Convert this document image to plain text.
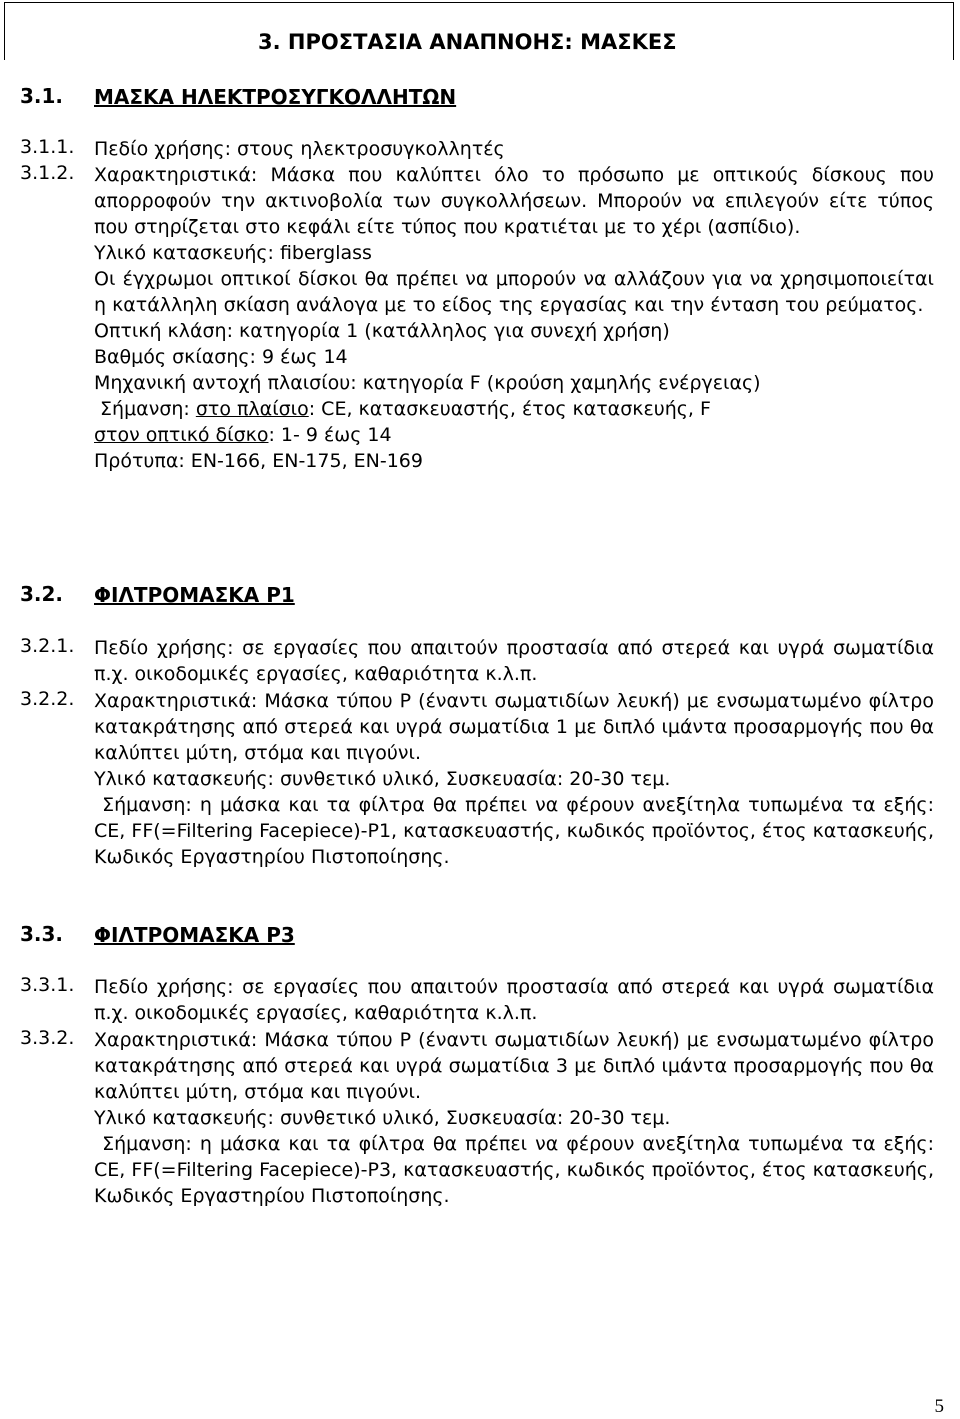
3. ΠΡΟΣΤΑΣΙΑ ΑΝΑΠΝΟΗΣ: ΜΑΣΚΕΣ
3.1. ΜΑΣΚΑ ΗΛΕΚΤΡΟΣΥΓΚΟΛΛΗΤΩΝ
3.1.1. Πεδίο χρήσης: στους ηλεκτροσυγκολλητές
3.1.2. Χαρακτηριστικά: Μάσκα που καλύπτει όλο το πρόσωπο με οπτικούς δίσκους που απορροφούν την ακτινοβολία των συγκολλήσεων. Μπορούν να επιλεγούν είτε τύπος που στηρίζεται στο κεφάλι είτε τύπος που κρατιέται με το χέρι (ασπίδιο).
Υλικό κατασκευής: fiberglass
Οι έγχρωμοι οπτικοί δίσκοι θα πρέπει να μπορούν να αλλάζουν για να χρησιμοποιείται η κατάλληλη σκίαση ανάλογα με το είδος της εργασίας και την ένταση του ρεύματος.
Οπτική κλάση: κατηγορία 1 (κατάλληλος για συνεχή χρήση)
Βαθμός σκίασης: 9 έως 14
Μηχανική αντοχή πλαισίου: κατηγορία F (κρούση χαμηλής ενέργειας)
Σήμανση: στο πλαίσιο: CE, κατασκευαστής, έτος κατασκευής, F
στον οπτικό δίσκο: 1- 9 έως 14
Πρότυπα: EN-166, EN-175, EN-169
3.2. ΦΙΛΤΡΟΜΑΣΚΑ Ρ1
3.2.1. Πεδίο χρήσης: σε εργασίες που απαιτούν προστασία από στερεά και υγρά σωματίδια π.χ. οικοδομικές εργασίες, καθαριότητα κ.λ.π.
3.2.2. Χαρακτηριστικά: Μάσκα τύπου Ρ (έναντι σωματιδίων λευκή) με ενσωματωμένο φίλτρο κατακράτησης από στερεά και υγρά σωματίδια 1 με διπλό ιμάντα προσαρμογής που θα καλύπτει μύτη, στόμα και πιγούνι.
Υλικό κατασκευής: συνθετικό υλικό, Συσκευασία: 20-30 τεμ.
Σήμανση: η μάσκα και τα φίλτρα θα πρέπει να φέρουν ανεξίτηλα τυπωμένα τα εξής: CE, FF(=Filtering Facepiece)-P1, κατασκευαστής, κωδικός προϊόντος, έτος κατασκευής, Κωδικός Εργαστηρίου Πιστοποίησης.
3.3. ΦΙΛΤΡΟΜΑΣΚΑ Ρ3
3.3.1. Πεδίο χρήσης: σε εργασίες που απαιτούν προστασία από στερεά και υγρά σωματίδια π.χ. οικοδομικές εργασίες, καθαριότητα κ.λ.π.
3.3.2. Χαρακτηριστικά: Μάσκα τύπου Ρ (έναντι σωματιδίων λευκή) με ενσωματωμένο φίλτρο κατακράτησης από στερεά και υγρά σωματίδια 3 με διπλό ιμάντα προσαρμογής που θα καλύπτει μύτη, στόμα και πιγούνι.
Υλικό κατασκευής: συνθετικό υλικό, Συσκευασία: 20-30 τεμ.
Σήμανση: η μάσκα και τα φίλτρα θα πρέπει να φέρουν ανεξίτηλα τυπωμένα τα εξής: CE, FF(=Filtering Facepiece)-P3, κατασκευαστής, κωδικός προϊόντος, έτος κατασκευής, Κωδικός Εργαστηρίου Πιστοποίησης.
5
